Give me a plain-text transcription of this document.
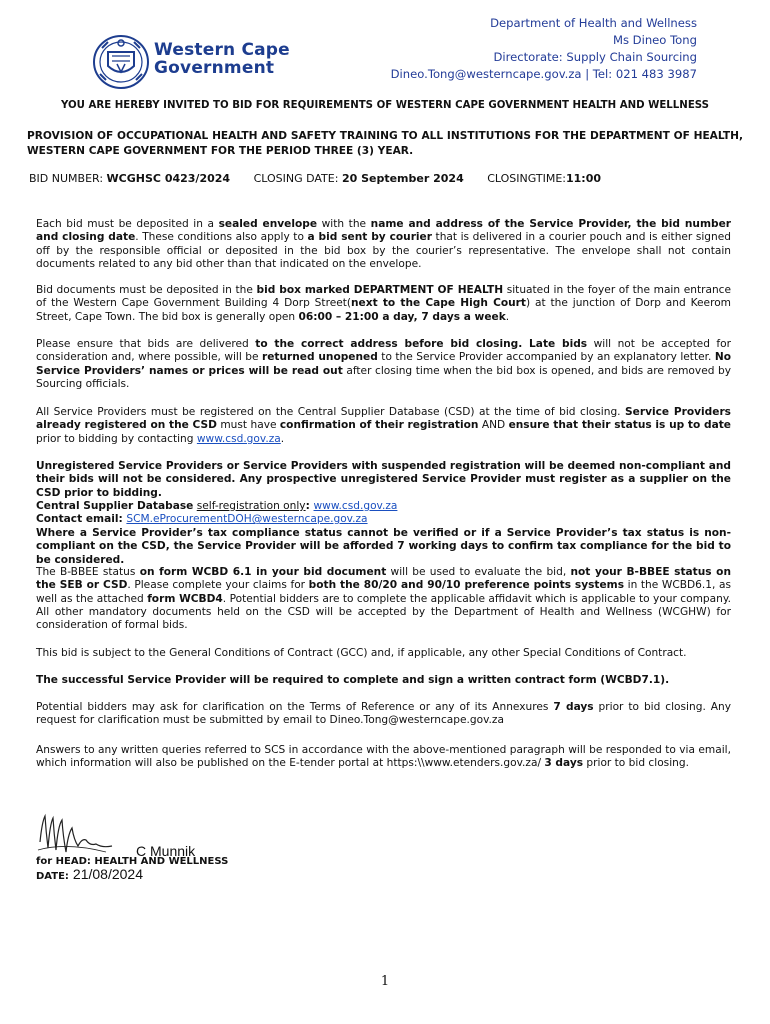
Western Cape
Government
Department of Health and Wellness
Ms Dineo Tong
Directorate: Supply Chain Sourcing
Dineo.Tong@westerncape.gov.za | Tel: 021 483 3987
YOU ARE HEREBY INVITED TO BID FOR REQUIREMENTS OF WESTERN CAPE GOVERNMENT HEALTH AND WELLNESS
PROVISION OF OCCUPATIONAL HEALTH AND SAFETY TRAINING TO ALL INSTITUTIONS FOR THE DEPARTMENT OF HEALTH, WESTERN CAPE GOVERNMENT FOR THE PERIOD THREE (3) YEAR.
BID NUMBER: WCGHSC 0423/2024 CLOSING DATE: 20 September 2024 CLOSINGTIME:11:00
Each bid must be deposited in a sealed envelope with the name and address of the Service Provider, the bid number and closing date. These conditions also apply to a bid sent by courier that is delivered in a courier pouch and is either signed off by the responsible official or deposited in the bid box by the courier’s representative. The envelope shall not contain documents related to any bid other than that indicated on the envelope.
Bid documents must be deposited in the bid box marked DEPARTMENT OF HEALTH situated in the foyer of the main entrance of the Western Cape Government Building 4 Dorp Street(next to the Cape High Court) at the junction of Dorp and Keerom Street, Cape Town. The bid box is generally open 06:00 – 21:00 a day, 7 days a week.
Please ensure that bids are delivered to the correct address before bid closing. Late bids will not be accepted for consideration and, where possible, will be returned unopened to the Service Provider accompanied by an explanatory letter. No Service Providers’ names or prices will be read out after closing time when the bid box is opened, and bids are removed by Sourcing officials.
All Service Providers must be registered on the Central Supplier Database (CSD) at the time of bid closing. Service Providers already registered on the CSD must have confirmation of their registration AND ensure that their status is up to date prior to bidding by contacting www.csd.gov.za.
Unregistered Service Providers or Service Providers with suspended registration will be deemed non-compliant and their bids will not be considered. Any prospective unregistered Service Provider must register as a supplier on the CSD prior to bidding.
Central Supplier Database self-registration only: www.csd.gov.za
Contact email: SCM.eProcurementDOH@westerncape.gov.za
Where a Service Provider’s tax compliance status cannot be verified or if a Service Provider’s tax status is non-compliant on the CSD, the Service Provider will be afforded 7 working days to confirm tax compliance for the bid to be considered.
The B-BBEE status on form WCBD 6.1 in your bid document will be used to evaluate the bid, not your B-BBEE status on the SEB or CSD. Please complete your claims for both the 80/20 and 90/10 preference points systems in the WCBD6.1, as well as the attached form WCBD4. Potential bidders are to complete the applicable affidavit which is applicable to your company. All other mandatory documents held on the CSD will be accepted by the Department of Health and Wellness (WCGHW) for consideration of formal bids.
This bid is subject to the General Conditions of Contract (GCC) and, if applicable, any other Special Conditions of Contract.
The successful Service Provider will be required to complete and sign a written contract form (WCBD7.1).
Potential bidders may ask for clarification on the Terms of Reference or any of its Annexures 7 days prior to bid closing. Any request for clarification must be submitted by email to Dineo.Tong@westerncape.gov.za
Answers to any written queries referred to SCS in accordance with the above-mentioned paragraph will be responded to via email, which information will also be published on the E-tender portal at https:\\www.etenders.gov.za/ 3 days prior to bid closing.
C Munnik
for HEAD: HEALTH AND WELLNESS
DATE: 21/08/2024
1
